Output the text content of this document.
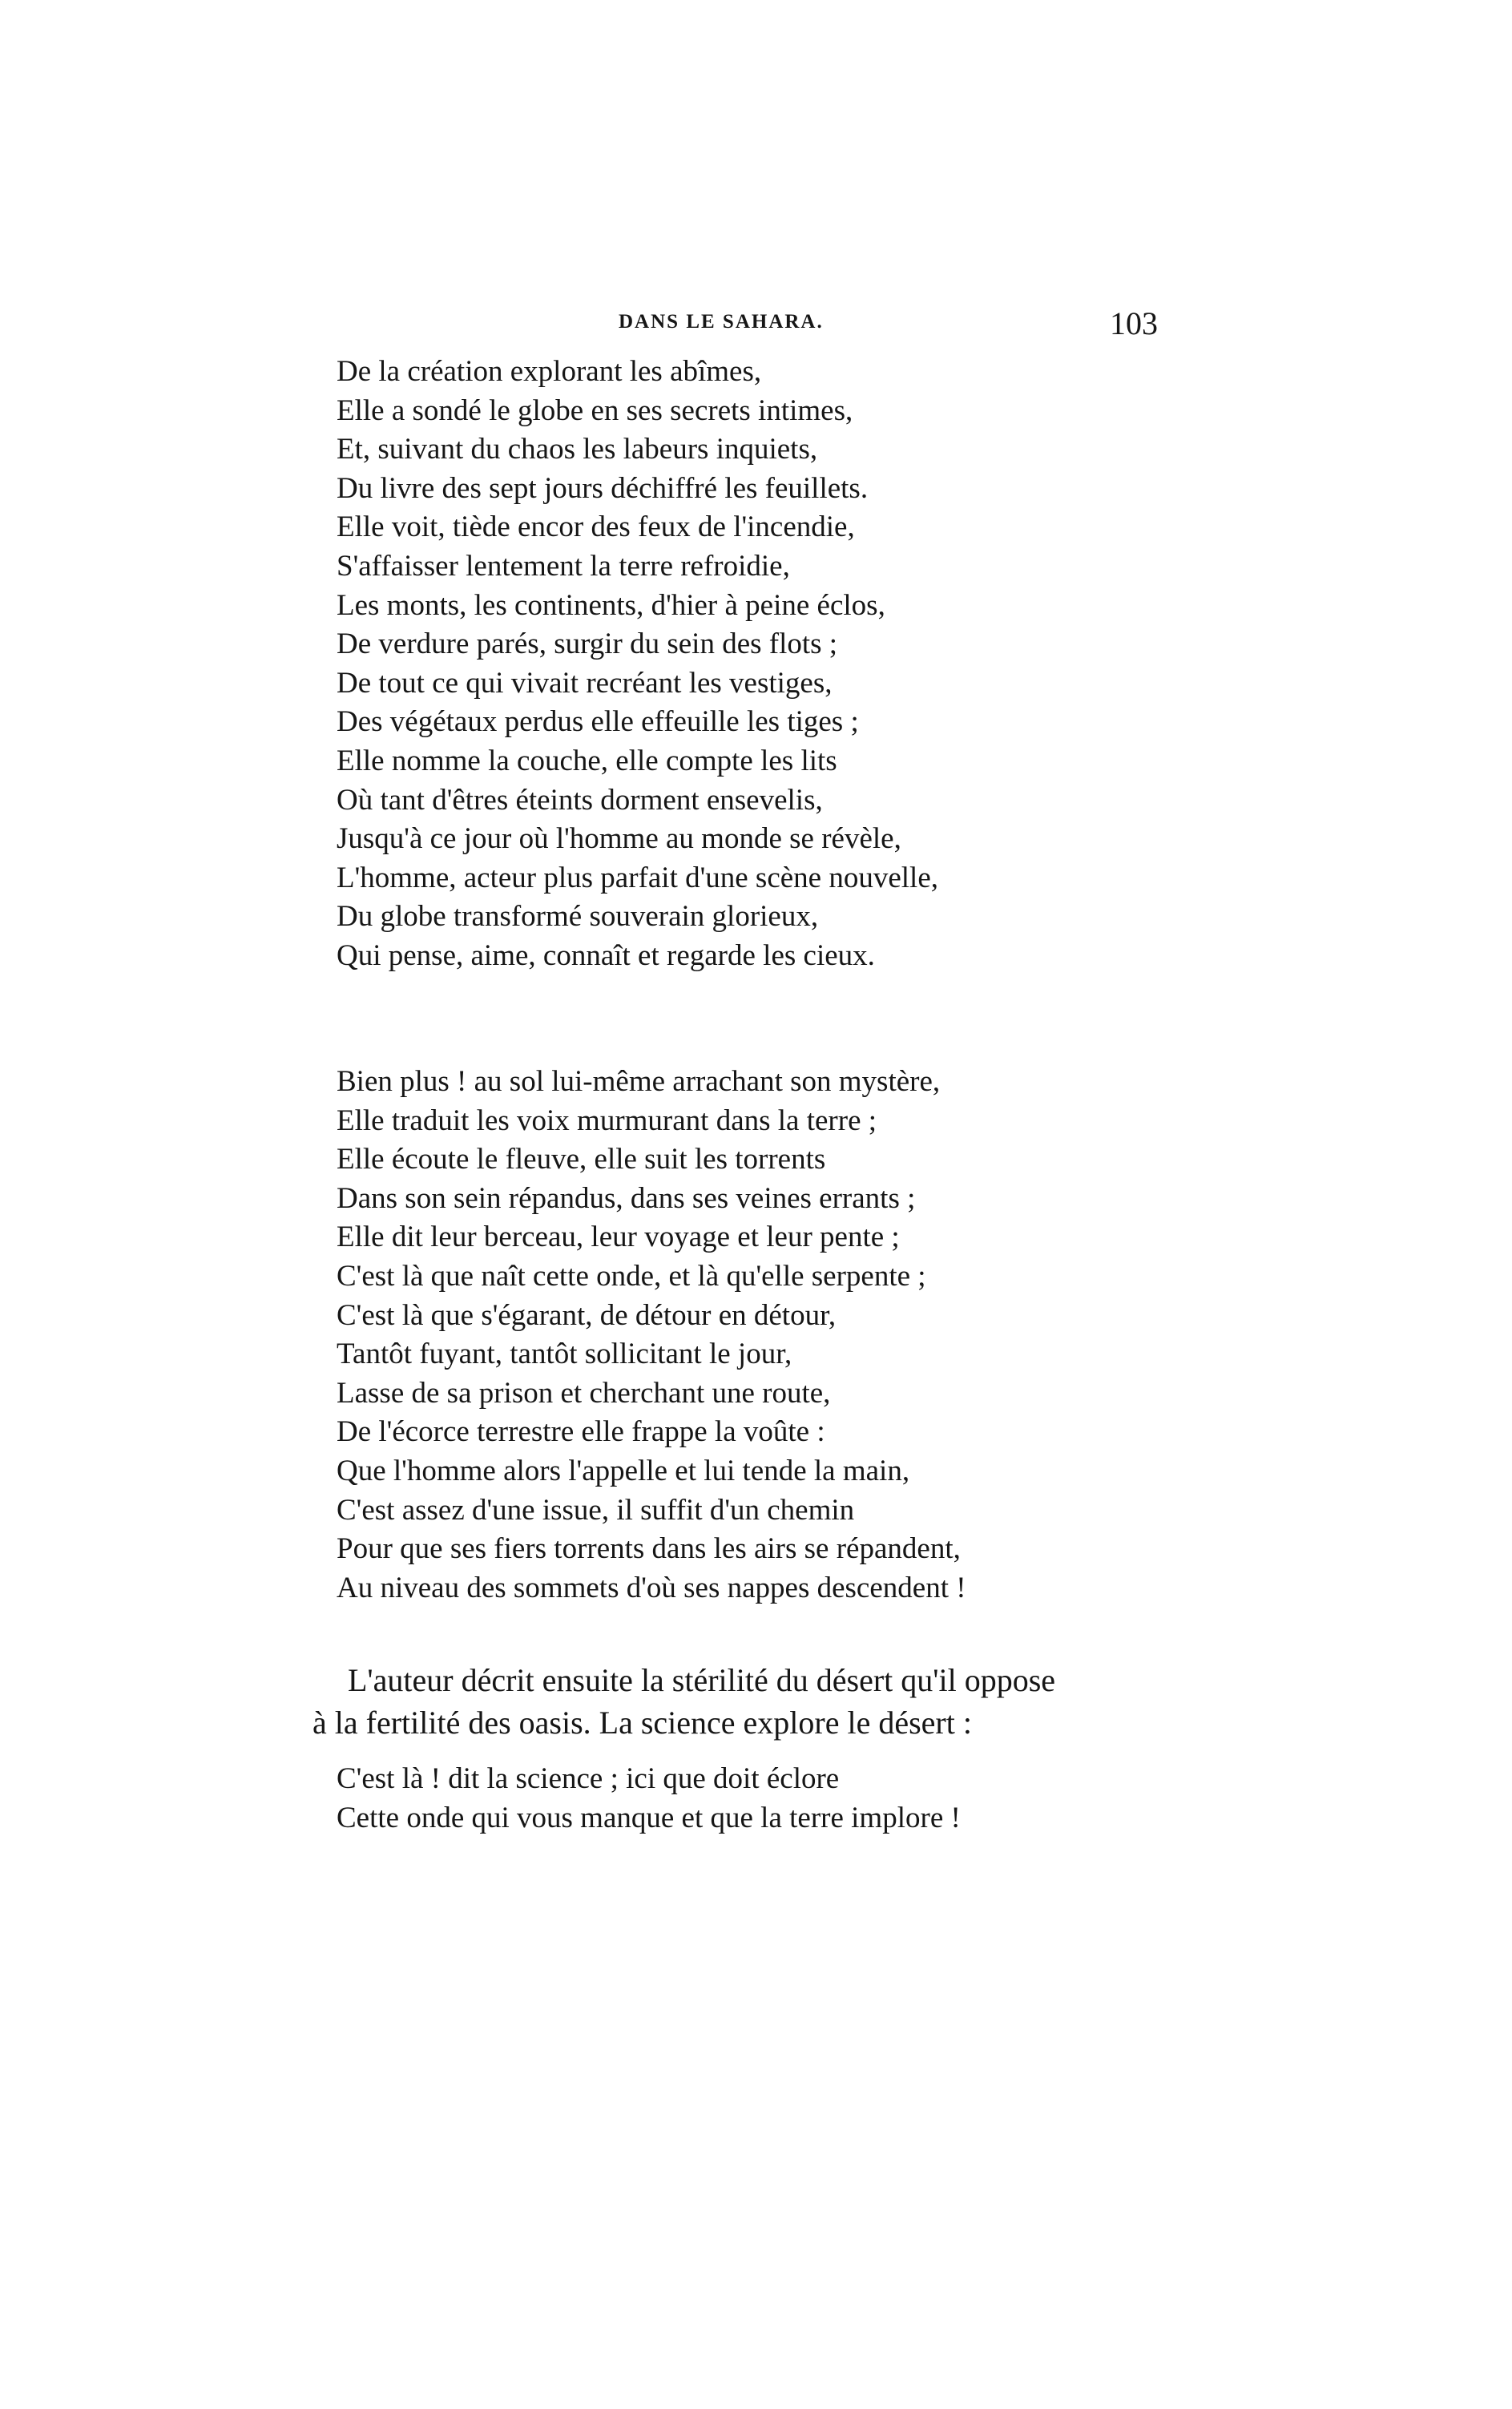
DANS LE SAHARA.	103
De la création explorant les abîmes,
Elle a sondé le globe en ses secrets intimes,
Et, suivant du chaos les labeurs inquiets,
Du livre des sept jours déchiffré les feuillets.
Elle voit, tiède encor des feux de l'incendie,
S'affaisser lentement la terre refroidie,
Les monts, les continents, d'hier à peine éclos,
De verdure parés, surgir du sein des flots ;
De tout ce qui vivait recréant les vestiges,
Des végétaux perdus elle effeuille les tiges ;
Elle nomme la couche, elle compte les lits
Où tant d'êtres éteints dorment ensevelis,
Jusqu'à ce jour où l'homme au monde se révèle,
L'homme, acteur plus parfait d'une scène nouvelle,
Du globe transformé souverain glorieux,
Qui pense, aime, connaît et regarde les cieux.
Bien plus ! au sol lui-même arrachant son mystère,
Elle traduit les voix murmurant dans la terre ;
Elle écoute le fleuve, elle suit les torrents
Dans son sein répandus, dans ses veines errants ;
Elle dit leur berceau, leur voyage et leur pente ;
C'est là que naît cette onde, et là qu'elle serpente ;
C'est là que s'égarant, de détour en détour,
Tantôt fuyant, tantôt sollicitant le jour,
Lasse de sa prison et cherchant une route,
De l'écorce terrestre elle frappe la voûte :
Que l'homme alors l'appelle et lui tende la main,
C'est assez d'une issue, il suffit d'un chemin
Pour que ses fiers torrents dans les airs se répandent,
Au niveau des sommets d'où ses nappes descendent !

L'auteur décrit ensuite la stérilité du désert qu'il oppose

à la fertilité des oasis. La science explore le désert :

C'est là ! dit la science ; ici que doit éclore
Cette onde qui vous manque et que la terre implore !
